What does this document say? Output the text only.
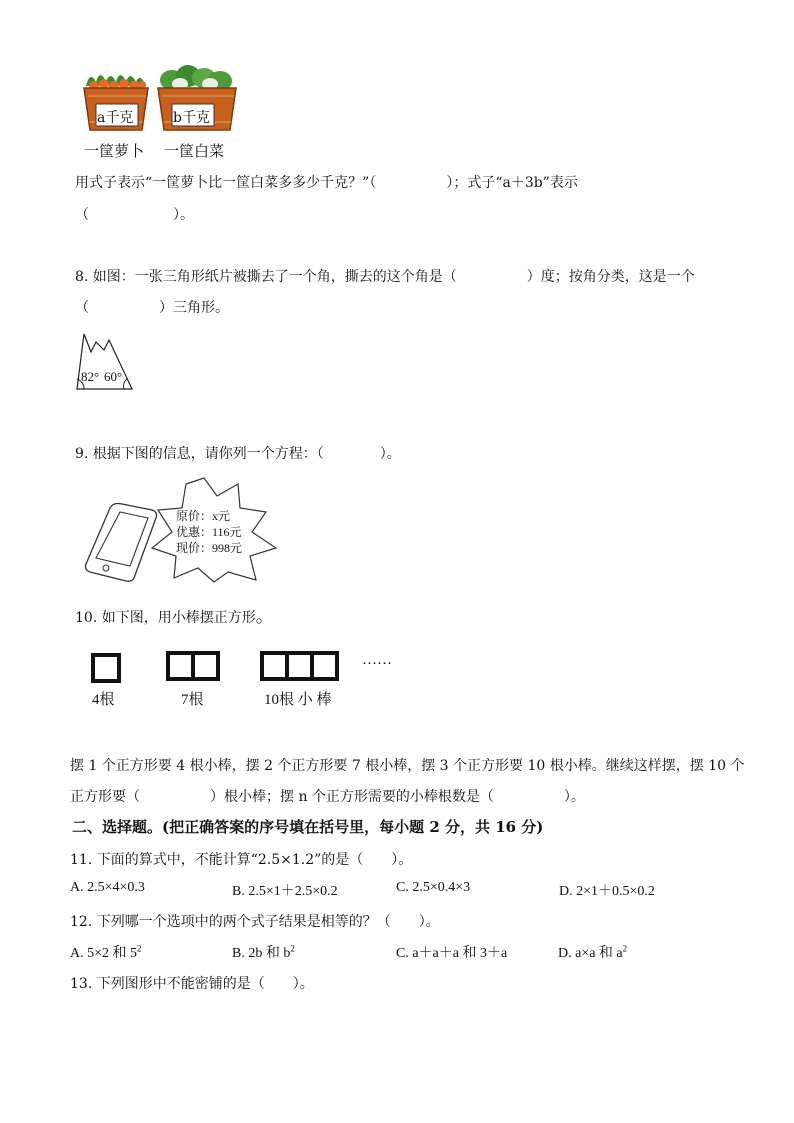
a千克	b千克
一筐萝卜 一筐白菜
用式子表示“一筐萝卜比一筐白菜多多少千克？”（　　　　　）；式子“a＋3b”表示
（　　　　　　）。
8. 如图：一张三角形纸片被撕去了一个角，撕去的这个角是（　　　　　）度；按角分类，这是一个
（　　　　　）三角形。
82° 60°
9. 根据下图的信息，请你列一个方程：（　　　　）。
原价：x元
优惠：116元
现价：998元
10. 如下图，用小棒摆正方形。
……
4根	7根	10根 小 棒
摆 1 个正方形要 4 根小棒，摆 2 个正方形要 7 根小棒，摆 3 个正方形要 10 根小棒。继续这样摆，摆 10 个
正方形要（　　　　　）根小棒；摆 n 个正方形需要的小棒根数是（　　　　　）。
二、选择题。(把正确答案的序号填在括号里，每小题 2 分，共 16 分)
11. 下面的算式中，不能计算“2.5×1.2”的是（　　）。
A. 2.5×4×0.3	B. 2.5×1＋2.5×0.2	C. 2.5×0.4×3	D. 2×1＋0.5×0.2
12. 下列哪一个选项中的两个式子结果是相等的？（　　）。
A. 5×2 和 $5^2$	B. 2b 和 $b^2$	C. a＋a＋a 和 3＋a	D. a×a 和 $a^2$
13. 下列图形中不能密铺的是（　　）。
